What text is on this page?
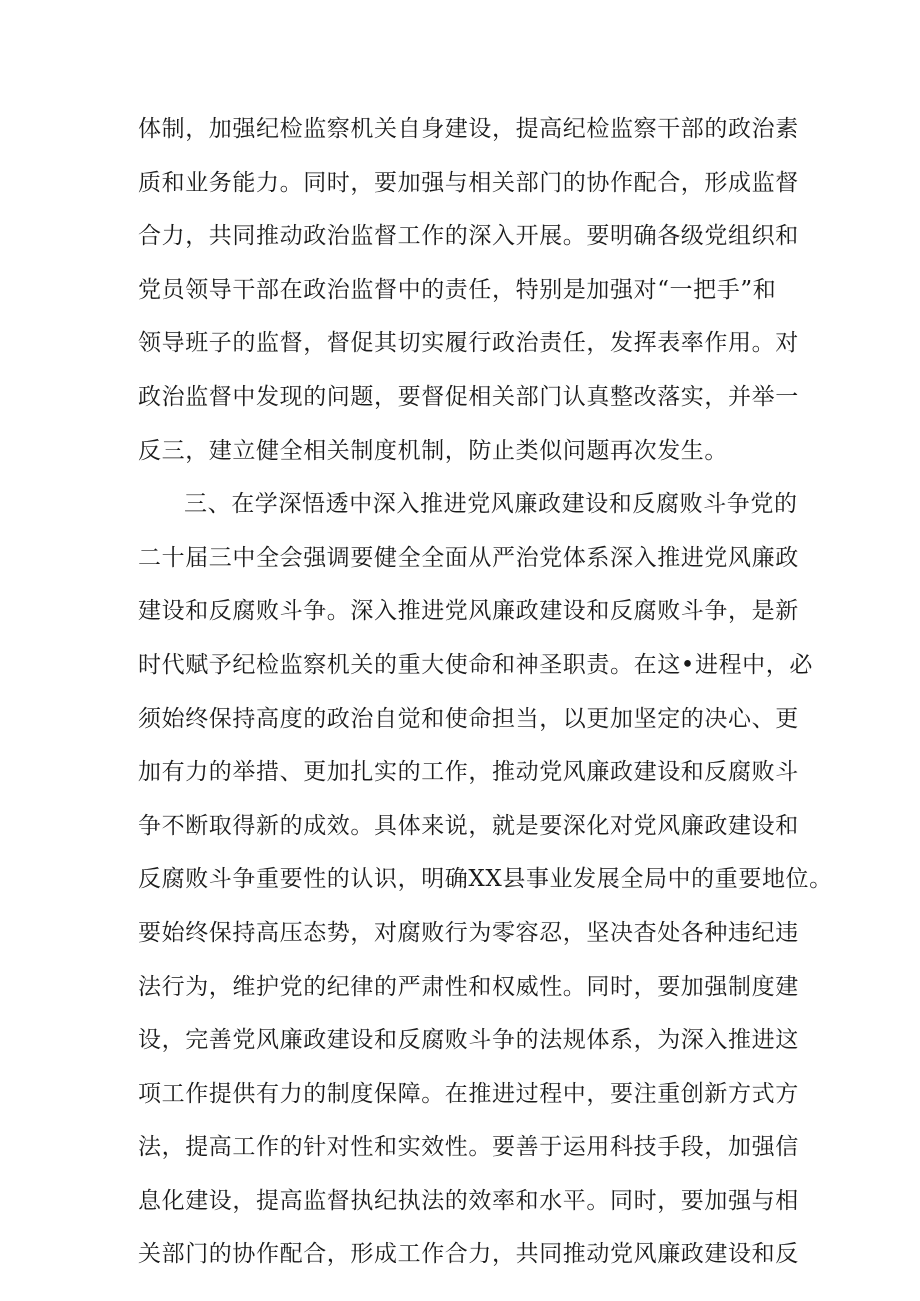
体制，加强纪检监察机关自身建设，提高纪检监察干部的政治素
质和业务能力。同时，要加强与相关部门的协作配合，形成监督
合力，共同推动政治监督工作的深入开展。要明确各级党组织和
党员领导干部在政治监督中的责任，特别是加强对“一把手”和
领导班子的监督，督促其切实履行政治责任，发挥表率作用。对
政治监督中发现的问题，要督促相关部门认真整改落实，并举一
反三，建立健全相关制度机制，防止类似问题再次发生。
三、在学深悟透中深入推进党风廉政建设和反腐败斗争党的
二十届三中全会强调要健全全面从严治党体系深入推进党风廉政
建设和反腐败斗争。深入推进党风廉政建设和反腐败斗争，是新
时代赋予纪检监察机关的重大使命和神圣职责。在这•进程中，必
须始终保持高度的政治自觉和使命担当，以更加坚定的决心、更
加有力的举措、更加扎实的工作，推动党风廉政建设和反腐败斗
争不断取得新的成效。具体来说，就是要深化对党风廉政建设和
反腐败斗争重要性的认识，明确XX县事业发展全局中的重要地位。
要始终保持高压态势，对腐败行为零容忍，坚决杳处各种违纪违
法行为，维护党的纪律的严肃性和权威性。同时，要加强制度建
设，完善党风廉政建设和反腐败斗争的法规体系，为深入推进这
项工作提供有力的制度保障。在推进过程中，要注重创新方式方
法，提高工作的针对性和实效性。要善于运用科技手段，加强信
息化建设，提高监督执纪执法的效率和水平。同时，要加强与相
关部门的协作配合，形成工作合力，共同推动党风廉政建设和反
